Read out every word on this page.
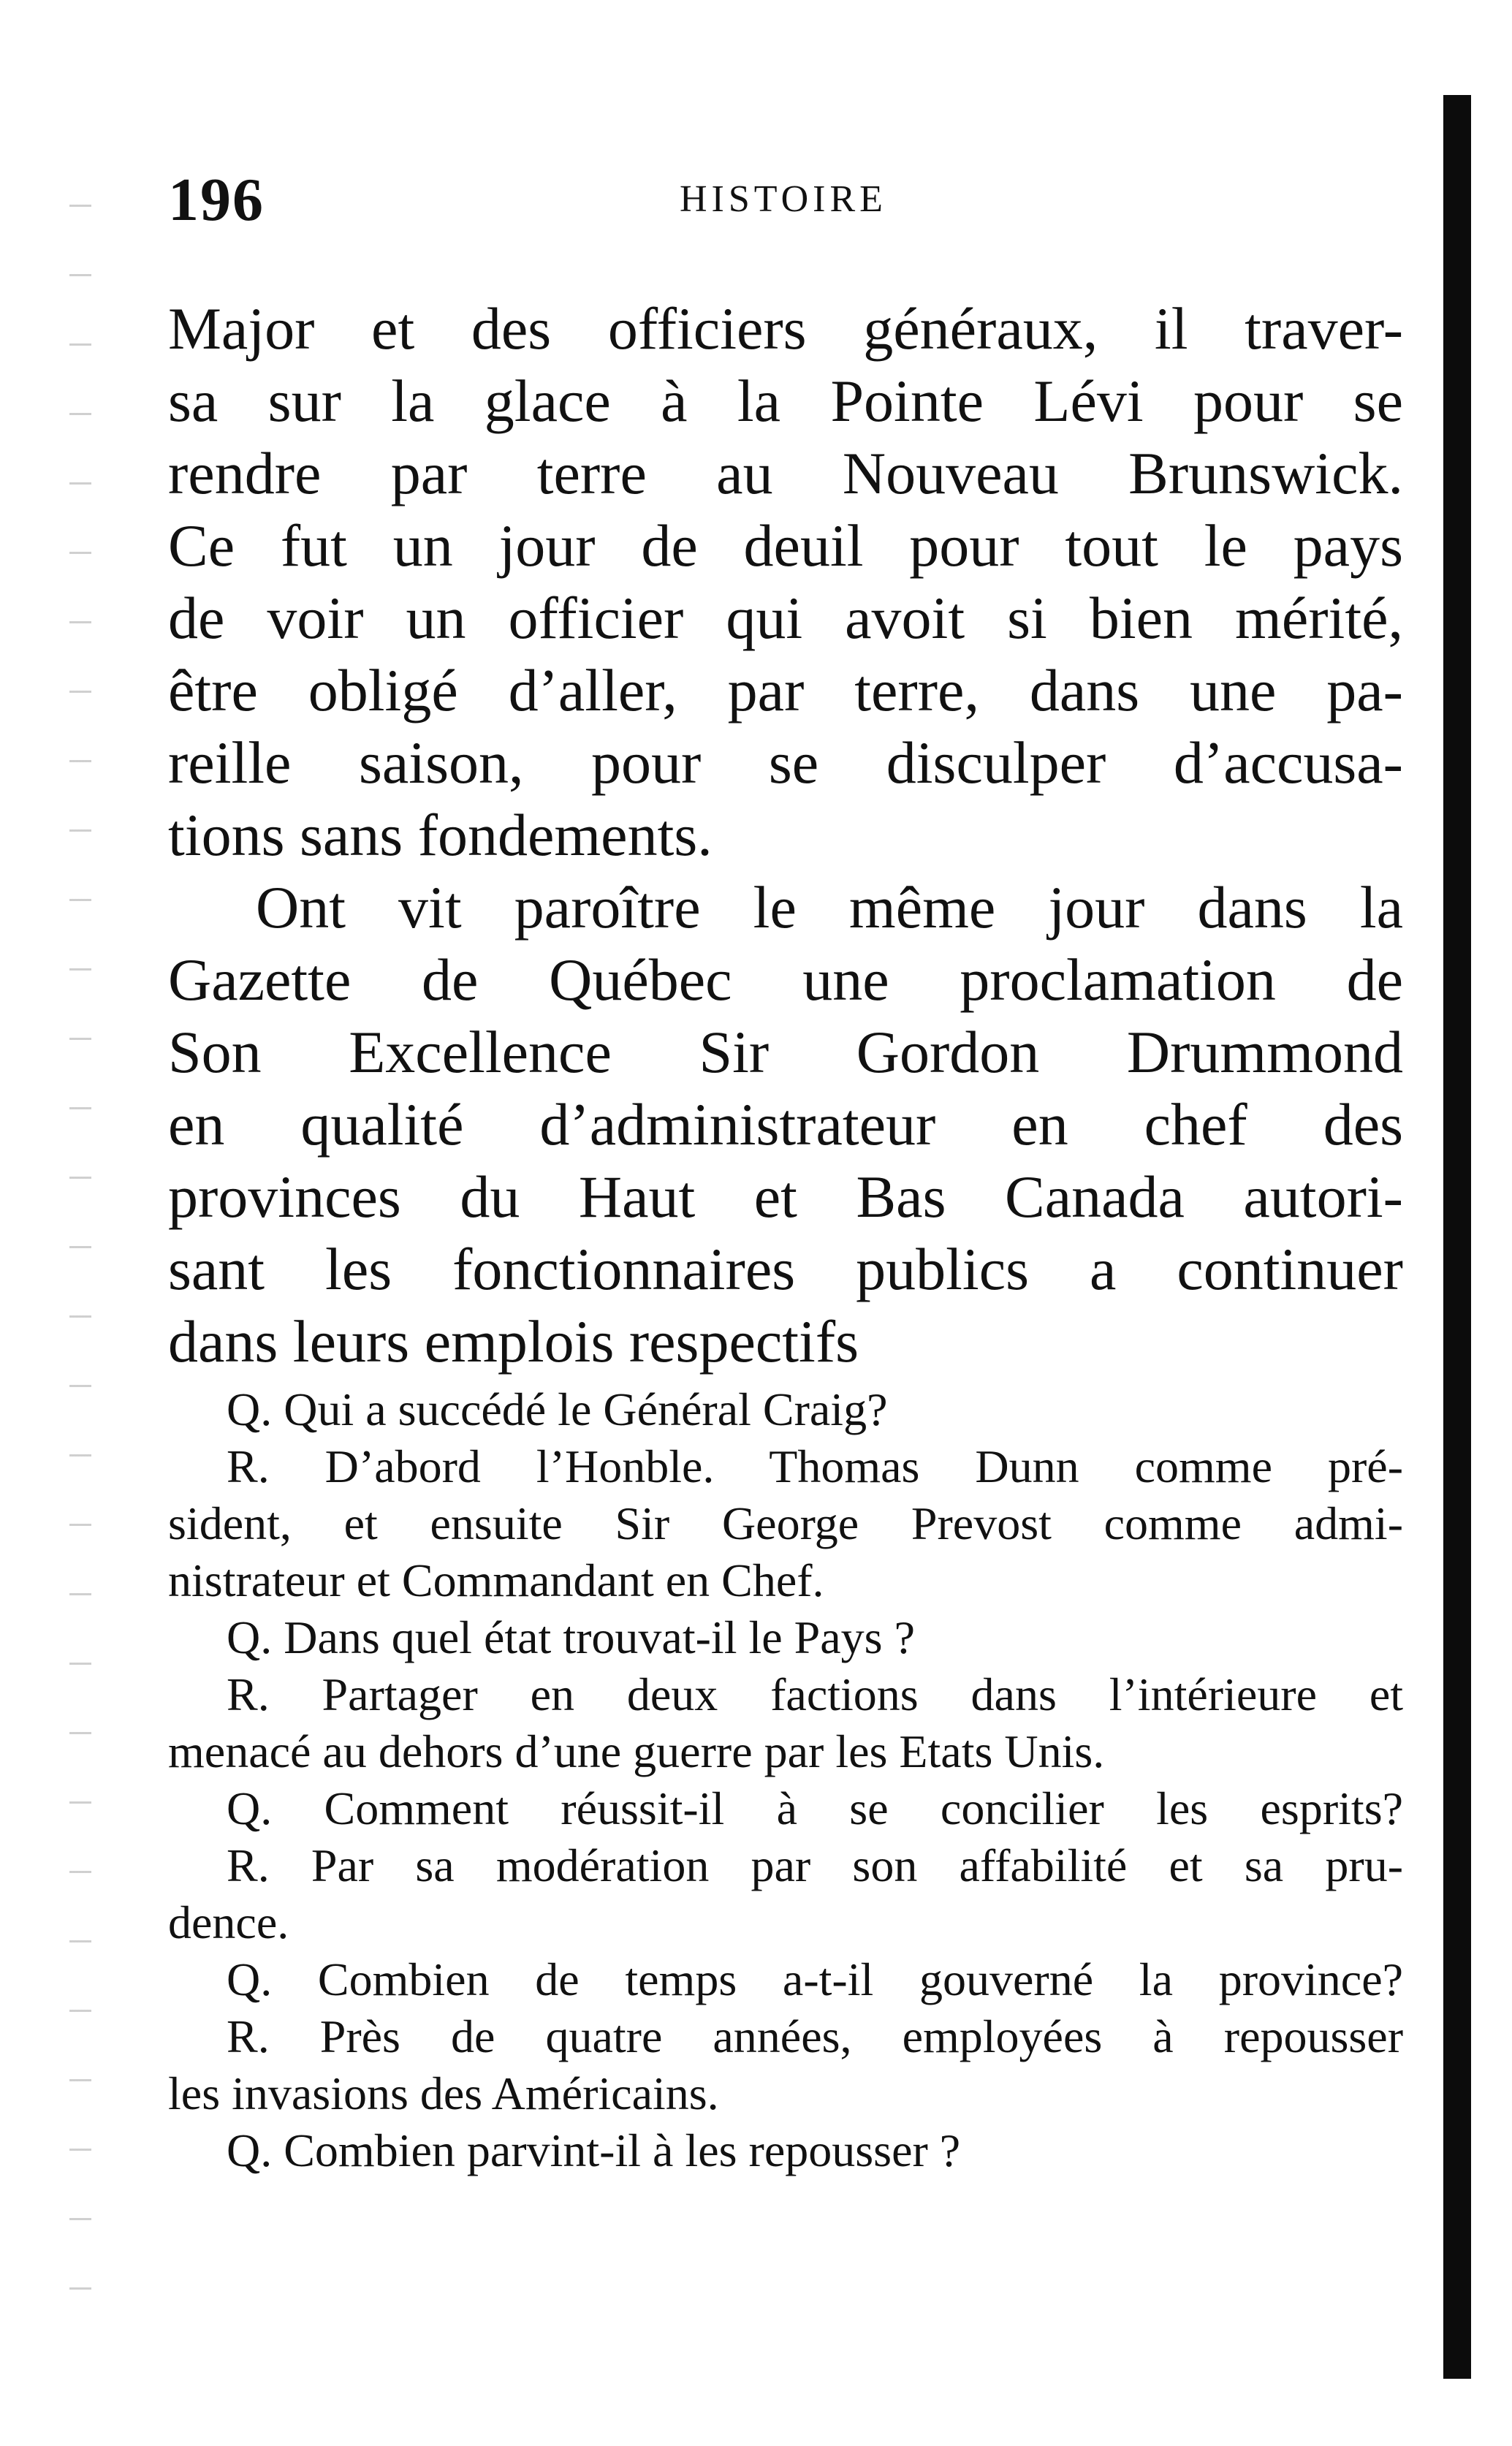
196	HISTOIRE
Major et des officiers généraux, il traver-
sa sur la glace à la Pointe Lévi pour se
rendre par terre au Nouveau Brunswick.
Ce fut un jour de deuil pour tout le pays
de voir un officier qui avoit si bien mérité,
être obligé d’aller, par terre, dans une pa-
reille saison, pour se disculper d’accusa-
tions sans fondements.
Ont vit paroître le même jour dans la
Gazette de Québec une proclamation de
Son Excellence Sir Gordon Drummond
en qualité d’administrateur en chef des
provinces du Haut et Bas Canada autori-
sant les fonctionnaires publics a continuer
dans leurs emplois respectifs
Q. Qui a succédé le Général Craig?
R. D’abord l’Honble. Thomas Dunn comme pré-
sident, et ensuite Sir George Prevost comme admi-
nistrateur et Commandant en Chef.
Q. Dans quel état trouvat-il le Pays ?
R. Partager en deux factions dans l’intérieure et
menacé au dehors d’une guerre par les Etats Unis.
Q. Comment réussit-il à se concilier les esprits?
R. Par sa modération par son affabilité et sa pru-
dence.
Q. Combien de temps a-t-il gouverné la province?
R. Près de quatre années, employées à repousser
les invasions des Américains.
Q. Combien parvint-il à les repousser ?
